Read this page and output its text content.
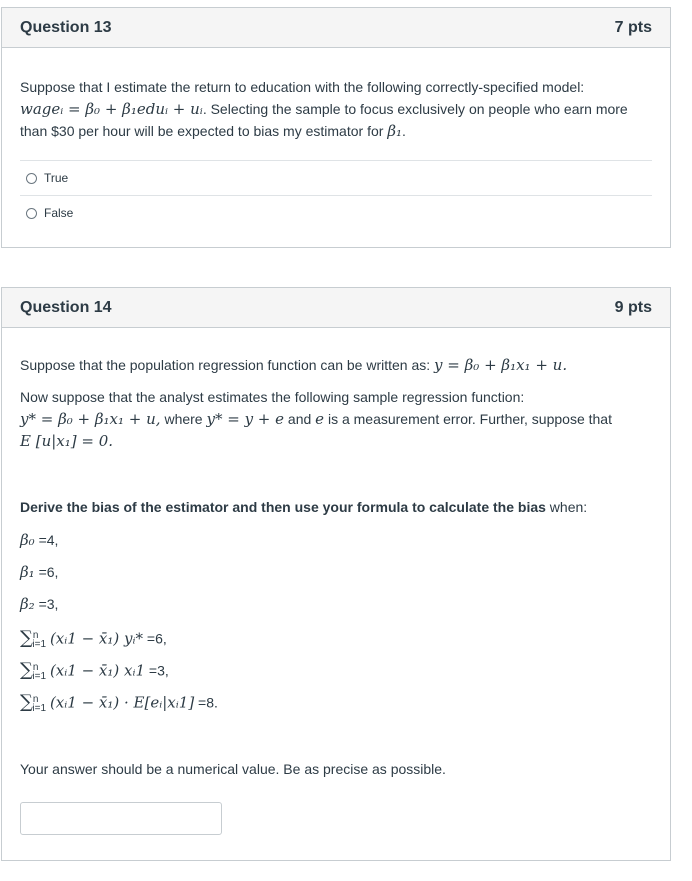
Question 13	7 pts

Suppose that I estimate the return to education with the following correctly-specified model:
wageᵢ = β₀ + β₁eduᵢ + uᵢ. Selecting the sample to focus exclusively on people who earn more than $30 per hour will be expected to bias my estimator for β₁.

True
False
Question 14	9 pts

Suppose that the population regression function can be written as: y = β₀ + β₁x₁ + u.

Now suppose that the analyst estimates the following sample regression function:
y* = β₀ + β₁x₁ + u, where y* = y + e and e is a measurement error. Further, suppose that
E [u|x₁] = 0.

Derive the bias of the estimator and then use your formula to calculate the bias when:

β₀ =4,
β₁ =6,
β₂ =3,
∑$^n_{i=1}$ (xᵢ1 − x̄₁) yᵢ* =6,
∑$^n_{i=1}$ (xᵢ1 − x̄₁) xᵢ1 =3,
∑$^n_{i=1}$ (xᵢ1 − x̄₁) · E[eᵢ|xᵢ1] =8.

Your answer should be a numerical value. Be as precise as possible.
